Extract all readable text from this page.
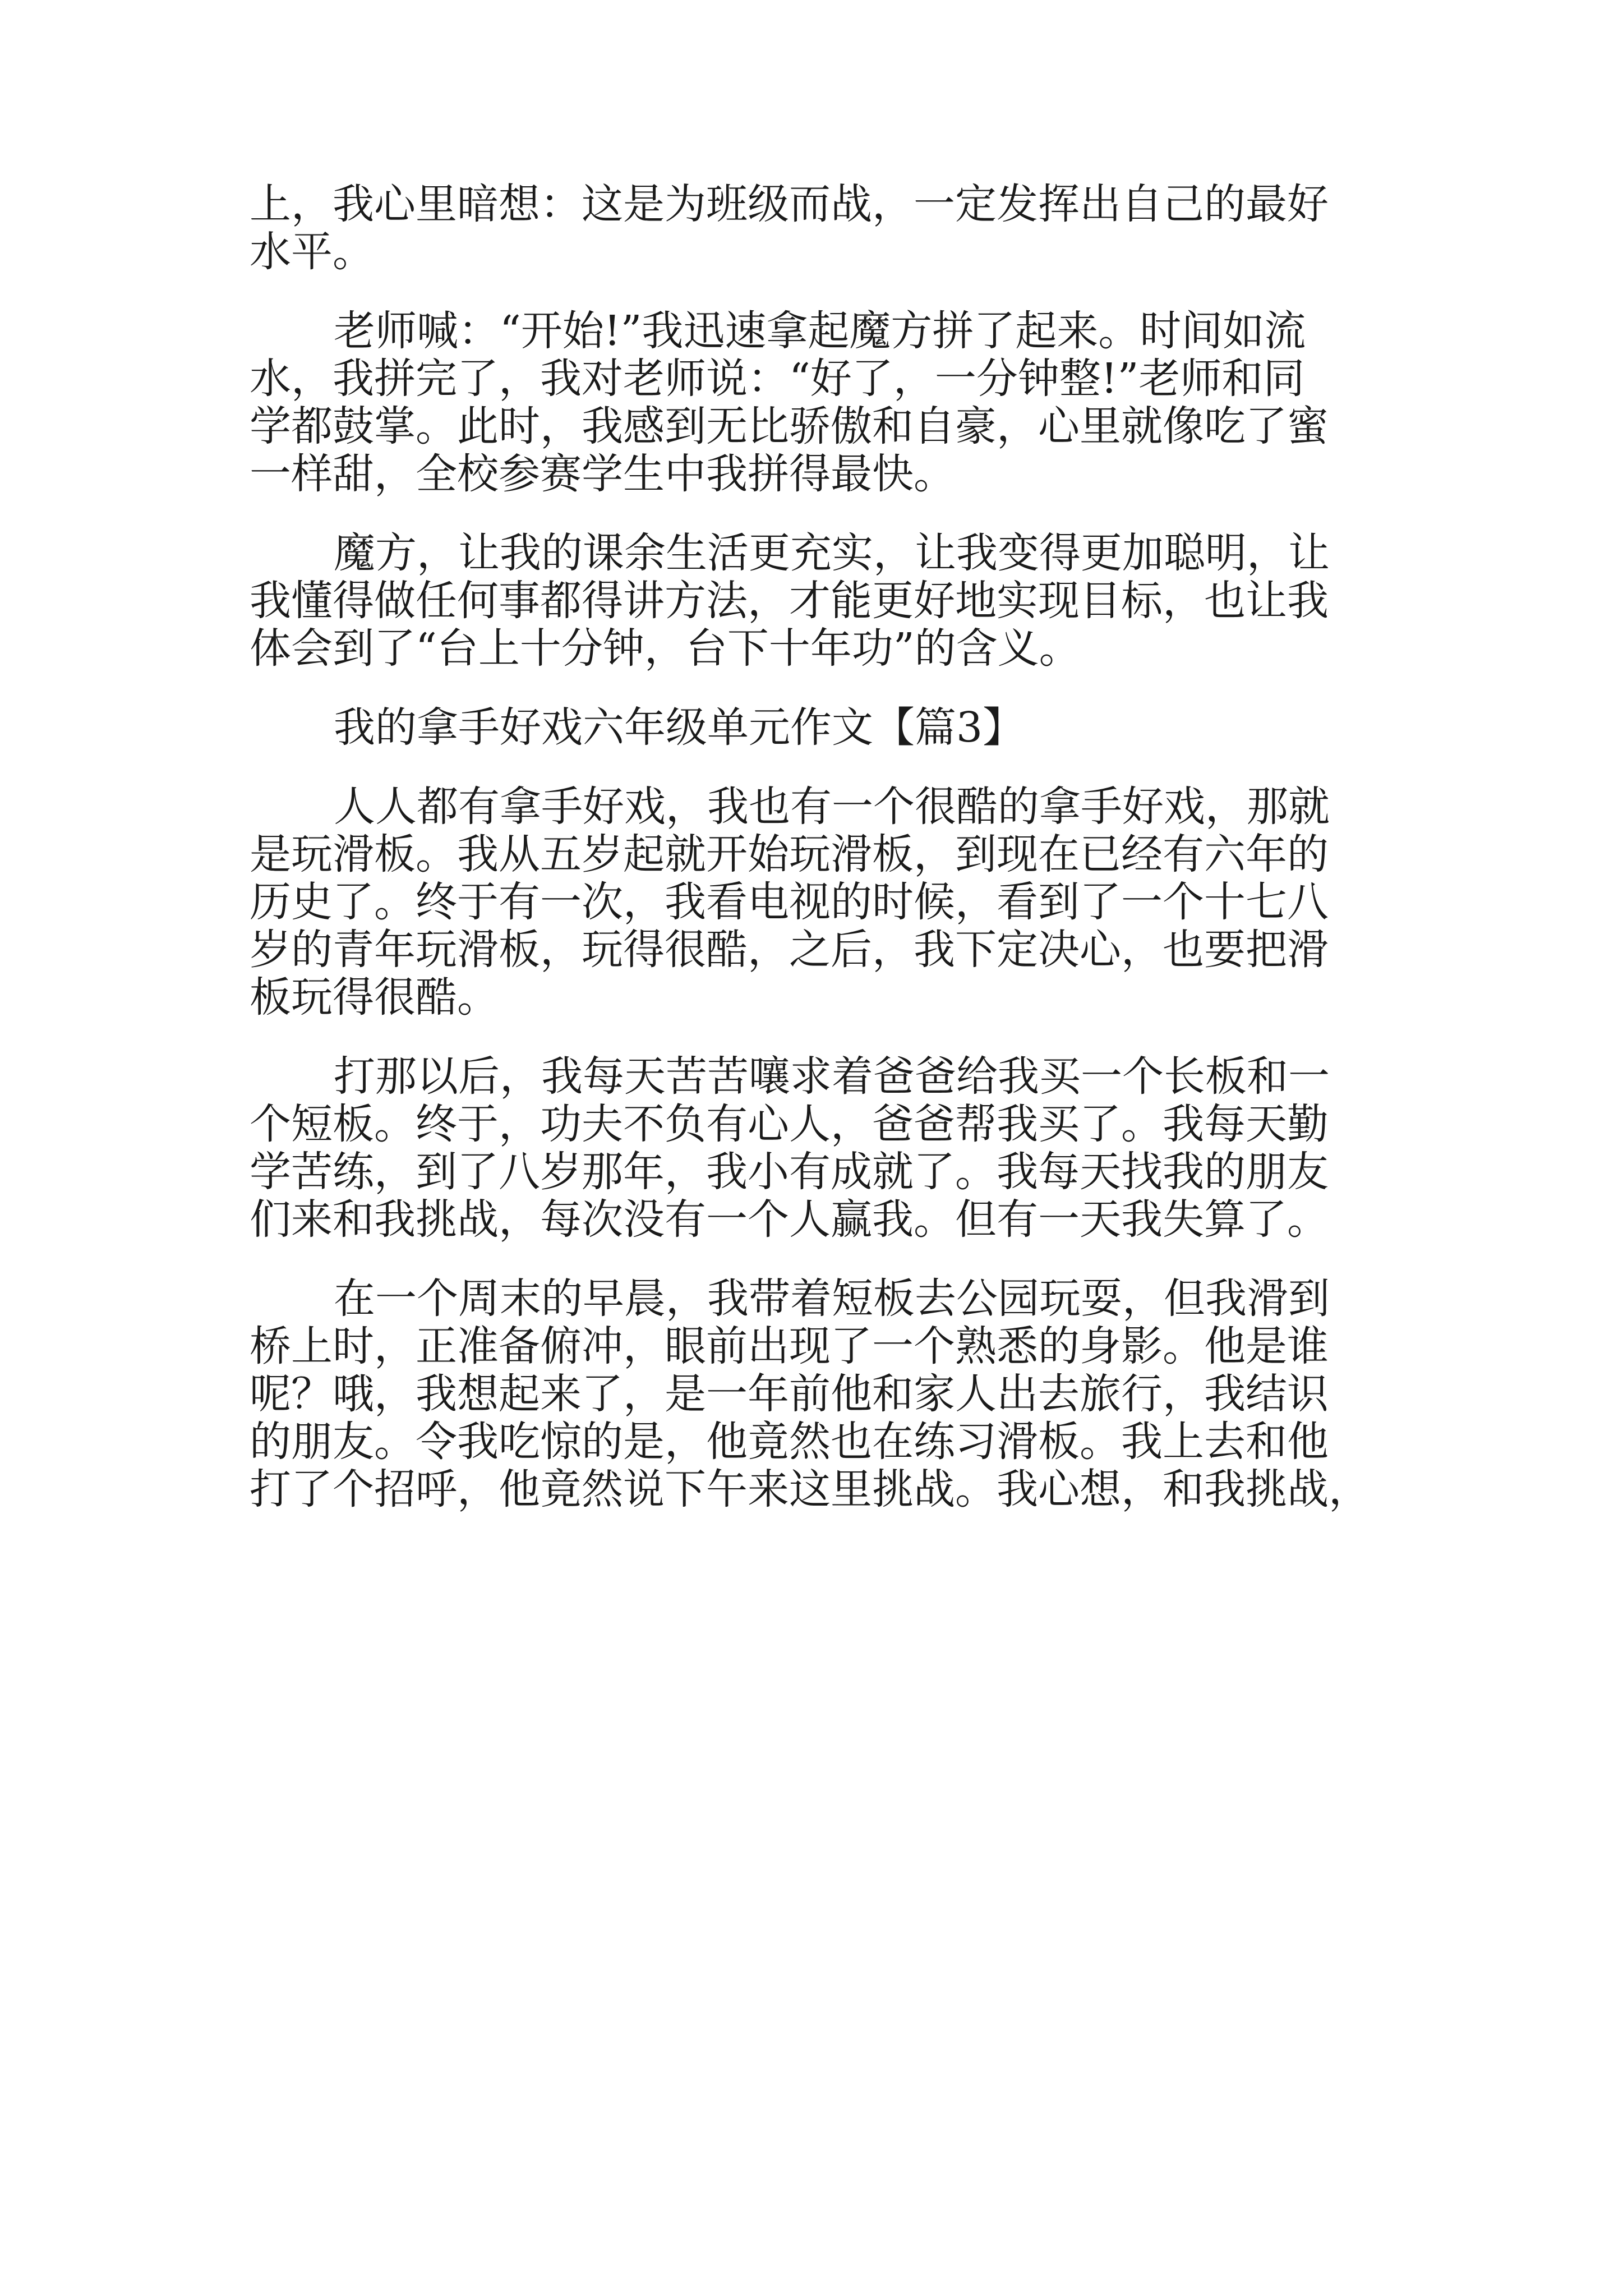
上，我心里暗想：这是为班级而战，一定发挥出自己的最好
水平。
老师喊：“开始!”我迅速拿起魔方拼了起来。时间如流
水，我拼完了，我对老师说：“好了，一分钟整!”老师和同
学都鼓掌。此时，我感到无比骄傲和自豪，心里就像吃了蜜
一样甜，全校参赛学生中我拼得最快。
魔方，让我的课余生活更充实，让我变得更加聪明，让
我懂得做任何事都得讲方法，才能更好地实现目标，也让我
体会到了“台上十分钟，台下十年功”的含义。
我的拿手好戏六年级单元作文【篇3】
人人都有拿手好戏，我也有一个很酷的拿手好戏，那就
是玩滑板。我从五岁起就开始玩滑板，到现在已经有六年的
历史了。终于有一次，我看电视的时候，看到了一个十七八
岁的青年玩滑板，玩得很酷，之后，我下定决心，也要把滑
板玩得很酷。
打那以后，我每天苦苦嚷求着爸爸给我买一个长板和一
个短板。终于，功夫不负有心人，爸爸帮我买了。我每天勤
学苦练，到了八岁那年，我小有成就了。我每天找我的朋友
们来和我挑战，每次没有一个人赢我。但有一天我失算了。
在一个周末的早晨，我带着短板去公园玩耍，但我滑到
桥上时，正准备俯冲，眼前出现了一个熟悉的身影。他是谁
呢？哦，我想起来了，是一年前他和家人出去旅行，我结识
的朋友。令我吃惊的是，他竟然也在练习滑板。我上去和他
打了个招呼，他竟然说下午来这里挑战。我心想，和我挑战，
